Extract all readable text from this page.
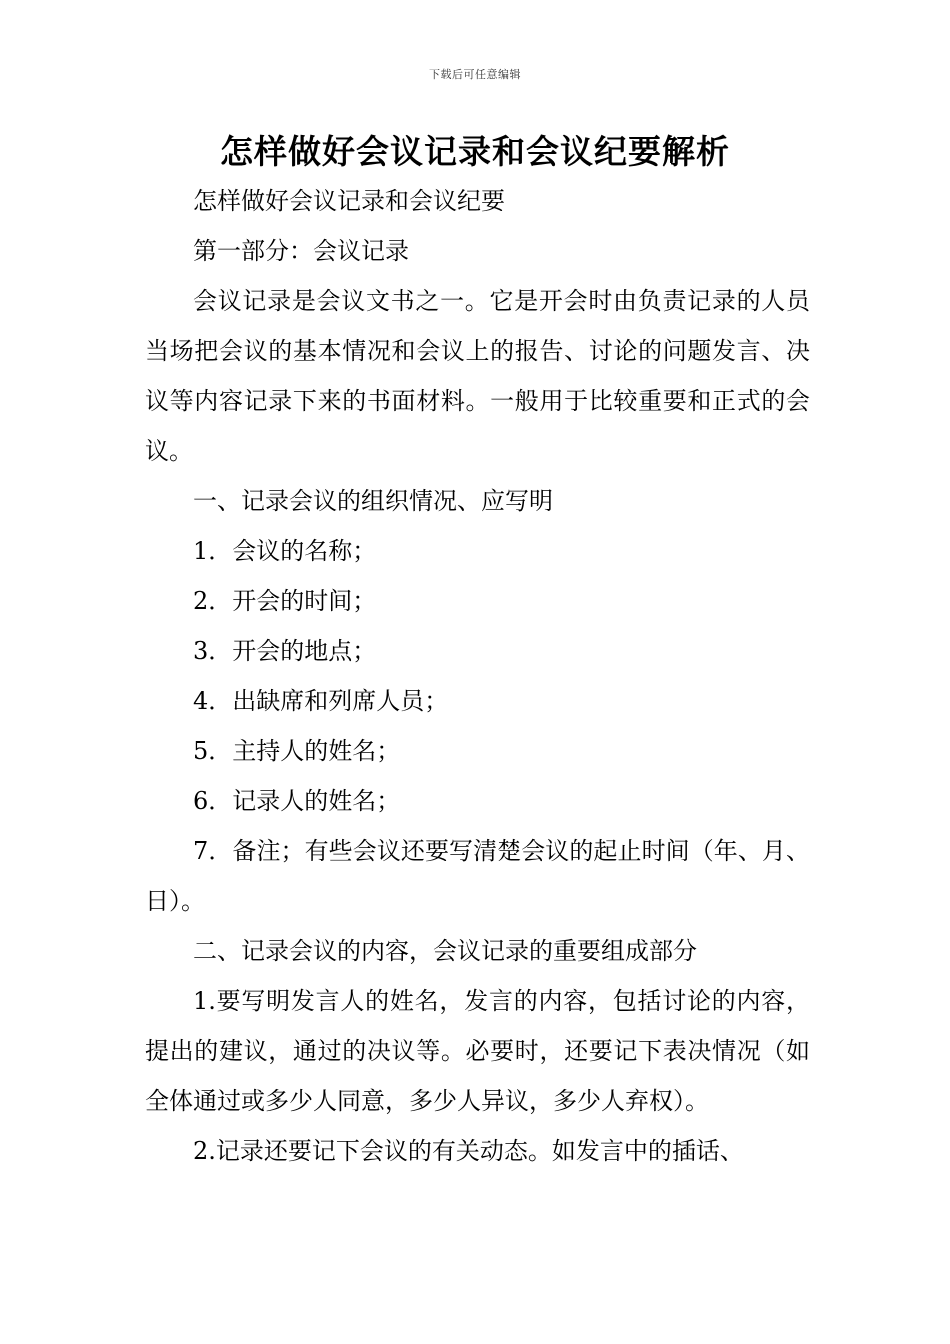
下载后可任意编辑
怎样做好会议记录和会议纪要解析

怎样做好会议记录和会议纪要

第一部分：会议记录

会议记录是会议文书之一。它是开会时由负责记录的人员当场把会议的基本情况和会议上的报告、讨论的问题发言、决议等内容记录下来的书面材料。一般用于比较重要和正式的会议。

一、记录会议的组织情况、应写明

1．会议的名称；

2．开会的时间；

3．开会的地点；

4．出缺席和列席人员；

5．主持人的姓名；

6．记录人的姓名；

7．备注；有些会议还要写清楚会议的起止时间（年、月、日）。

二、记录会议的内容，会议记录的重要组成部分

1.要写明发言人的姓名，发言的内容，包括讨论的内容，提出的建议，通过的决议等。必要时，还要记下表决情况（如全体通过或多少人同意，多少人异议，多少人弃权）。

2.记录还要记下会议的有关动态。如发言中的插话、
